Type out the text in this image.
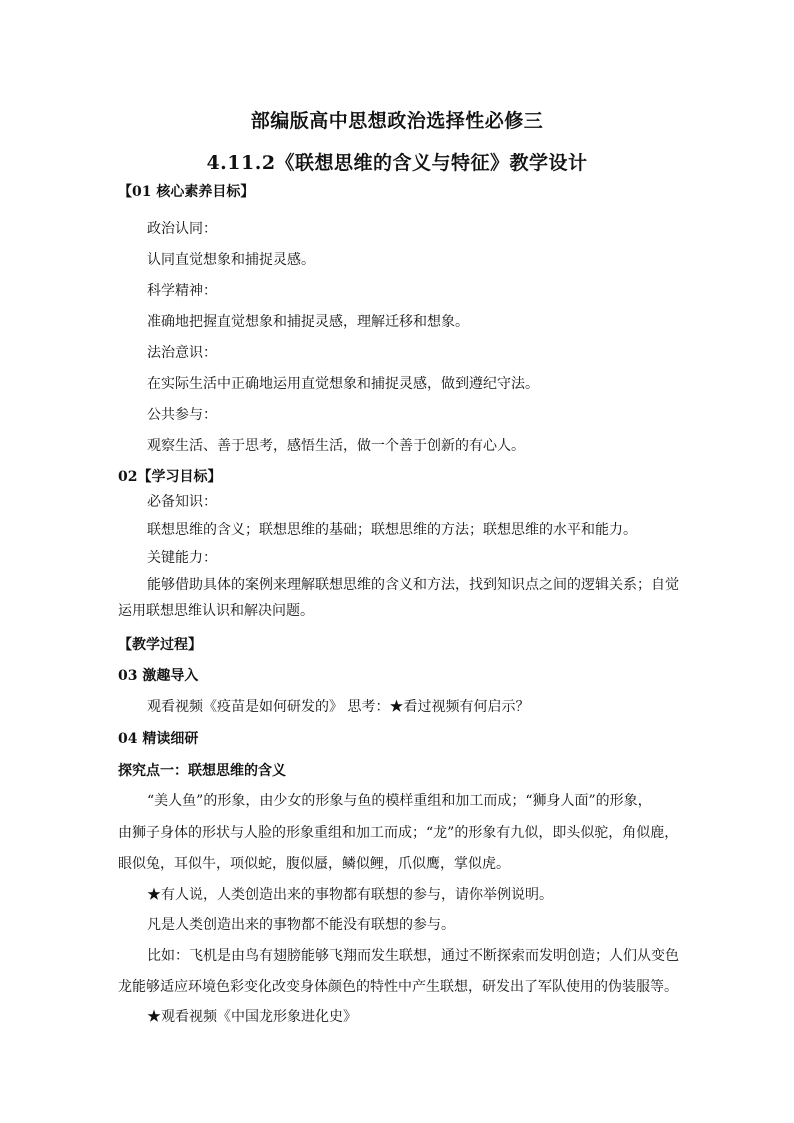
部编版高中思想政治选择性必修三
4.11.2《联想思维的含义与特征》教学设计
【01 核心素养目标】
政治认同：
认同直觉想象和捕捉灵感。
科学精神：
准确地把握直觉想象和捕捉灵感，理解迁移和想象。
法治意识：
在实际生活中正确地运用直觉想象和捕捉灵感，做到遵纪守法。
公共参与：
观察生活、善于思考，感悟生活，做一个善于创新的有心人。
02【学习目标】
必备知识：
联想思维的含义；联想思维的基础；联想思维的方法；联想思维的水平和能力。
关键能力：
能够借助具体的案例来理解联想思维的含义和方法，找到知识点之间的逻辑关系；自觉
运用联想思维认识和解决问题。
【教学过程】
03 激趣导入
观看视频《疫苗是如何研发的》 思考：★看过视频有何启示？
04 精读细研
探究点一：联想思维的含义
“美人鱼”的形象，由少女的形象与鱼的模样重组和加工而成；“狮身人面”的形象，
由狮子身体的形状与人脸的形象重组和加工而成；“龙”的形象有九似，即头似驼，角似鹿，
眼似兔，耳似牛，项似蛇，腹似蜃，鳞似鲤，爪似鹰，掌似虎。
★有人说，人类创造出来的事物都有联想的参与，请你举例说明。
凡是人类创造出来的事物都不能没有联想的参与。
比如：飞机是由鸟有翅膀能够飞翔而发生联想，通过不断探索而发明创造；人们从变色
龙能够适应环境色彩变化改变身体颜色的特性中产生联想，研发出了军队使用的伪装服等。
★观看视频《中国龙形象进化史》
